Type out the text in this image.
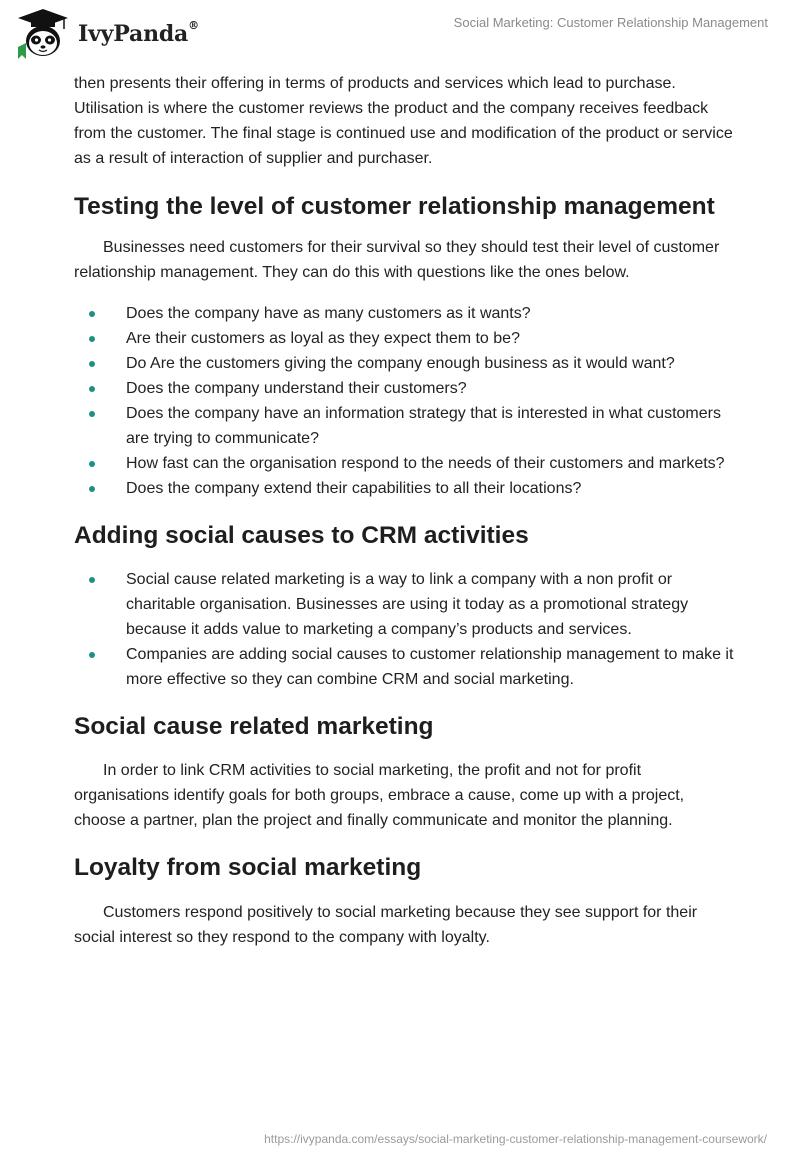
IvyPanda®	Social Marketing: Customer Relationship Management

then presents their offering in terms of products and services which lead to purchase. Utilisation is where the customer reviews the product and the company receives feedback from the customer. The final stage is continued use and modification of the product or service as a result of interaction of supplier and purchaser.

Testing the level of customer relationship management

Businesses need customers for their survival so they should test their level of customer relationship management. They can do this with questions like the ones below.

Does the company have as many customers as it wants?
Are their customers as loyal as they expect them to be?
Do Are the customers giving the company enough business as it would want?
Does the company understand their customers?
Does the company have an information strategy that is interested in what customers are trying to communicate?
How fast can the organisation respond to the needs of their customers and markets?
Does the company extend their capabilities to all their locations?
Adding social causes to CRM activities
Social cause related marketing is a way to link a company with a non profit or charitable organisation. Businesses are using it today as a promotional strategy because it adds value to marketing a company’s products and services.
Companies are adding social causes to customer relationship management to make it more effective so they can combine CRM and social marketing.
Social cause related marketing

In order to link CRM activities to social marketing, the profit and not for profit organisations identify goals for both groups, embrace a cause, come up with a project, choose a partner, plan the project and finally communicate and monitor the planning.

Loyalty from social marketing

Customers respond positively to social marketing because they see support for their social interest so they respond to the company with loyalty.

https://ivypanda.com/essays/social-marketing-customer-relationship-management-coursework/
